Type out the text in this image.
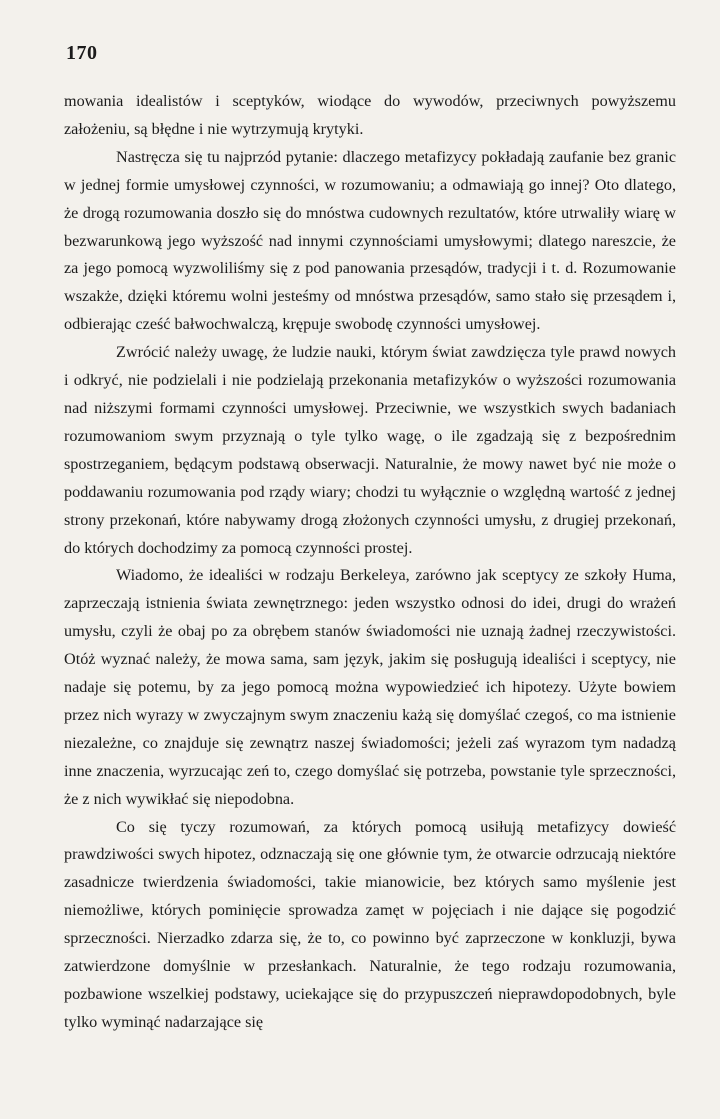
170

mowania idealistów i sceptyków, wiodące do wywodów, przeciwnych powyższemu założeniu, są błędne i nie wytrzymują krytyki.

Nastręcza się tu najprzód pytanie: dlaczego metafizycy pokładają zaufanie bez granic w jednej formie umysłowej czynności, w rozumowaniu; a odmawiają go innej? Oto dlatego, że drogą rozumowania doszło się do mnóstwa cudownych rezultatów, które utrwaliły wiarę w bezwarunkową jego wyższość nad innymi czynnościami umysłowymi; dlatego nareszcie, że za jego pomocą wyzwoliliśmy się z pod panowania przesądów, tradycji i t. d. Rozumowanie wszakże, dzięki któremu wolni jesteśmy od mnóstwa przesądów, samo stało się przesądem i, odbierając cześć bałwochwalczą, krępuje swobodę czynności umysłowej.

Zwrócić należy uwagę, że ludzie nauki, którym świat zawdzięcza tyle prawd nowych i odkryć, nie podzielali i nie podzielają przekonania metafizyków o wyższości rozumowania nad niższymi formami czynności umysłowej. Przeciwnie, we wszystkich swych badaniach rozumowaniom swym przyznają o tyle tylko wagę, o ile zgadzają się z bezpośrednim spostrzeganiem, będącym podstawą obserwacji. Naturalnie, że mowy nawet być nie może o poddawaniu rozumowania pod rządy wiary; chodzi tu wyłącznie o względną wartość z jednej strony przekonań, które nabywamy drogą złożonych czynności umysłu, z drugiej przekonań, do których dochodzimy za pomocą czynności prostej.

Wiadomo, że idealiści w rodzaju Berkeleya, zarówno jak sceptycy ze szkoły Huma, zaprzeczają istnienia świata zewnętrznego: jeden wszystko odnosi do idei, drugi do wrażeń umysłu, czyli że obaj po za obrębem stanów świadomości nie uznają żadnej rzeczywistości. Otóż wyznać należy, że mowa sama, sam język, jakim się posługują idealiści i sceptycy, nie nadaje się potemu, by za jego pomocą można wypowiedzieć ich hipotezy. Użyte bowiem przez nich wyrazy w zwyczajnym swym znaczeniu każą się domyślać czegoś, co ma istnienie niezależne, co znajduje się zewnątrz naszej świadomości; jeżeli zaś wyrazom tym nadadzą inne znaczenia, wyrzucając zeń to, czego domyślać się potrzeba, powstanie tyle sprzeczności, że z nich wywikłać się niepodobna.

Co się tyczy rozumowań, za których pomocą usiłują metafizycy dowieść prawdziwości swych hipotez, odznaczają się one głównie tym, że otwarcie odrzucają niektóre zasadnicze twierdzenia świadomości, takie mianowicie, bez których samo myślenie jest niemożliwe, których pominięcie sprowadza zamęt w pojęciach i nie dające się pogodzić sprzeczności. Nierzadko zdarza się, że to, co powinno być zaprzeczone w konkluzji, bywa zatwierdzone domyślnie w przesłankach. Naturalnie, że tego rodzaju rozumowania, pozbawione wszelkiej podstawy, uciekające się do przypuszczeń nieprawdopodobnych, byle tylko wyminąć nadarzające się
